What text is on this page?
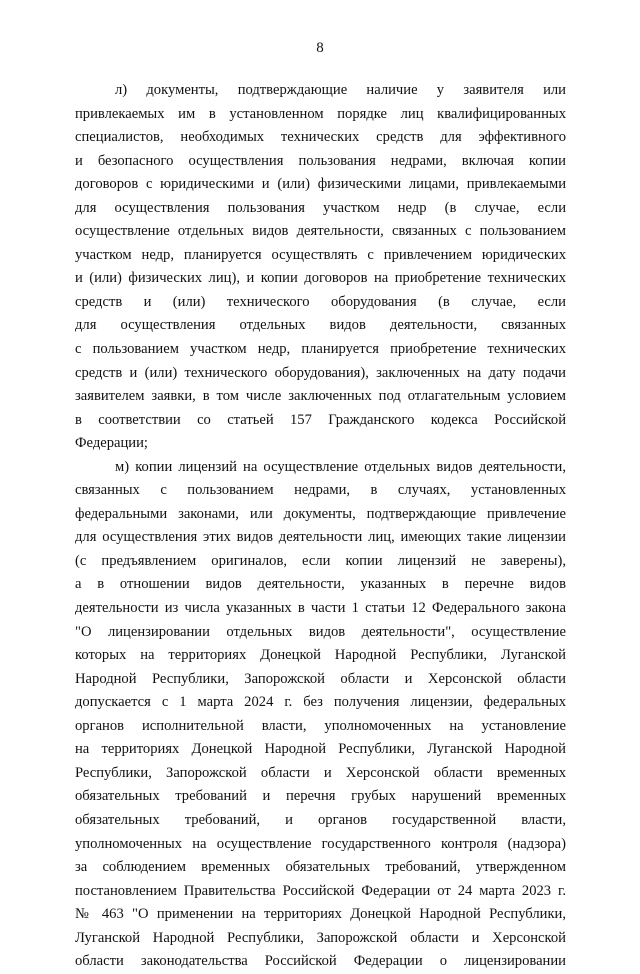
8
л) документы, подтверждающие наличие у заявителя или
привлекаемых им в установленном порядке лиц квалифицированных
специалистов, необходимых технических средств для эффективного
и безопасного осуществления пользования недрами, включая копии
договоров с юридическими и (или) физическими лицами, привлекаемыми
для осуществления пользования участком недр (в случае, если
осуществление отдельных видов деятельности, связанных с пользованием
участком недр, планируется осуществлять с привлечением юридических
и (или) физических лиц), и копии договоров на приобретение технических
средств и (или) технического оборудования (в случае, если
для осуществления отдельных видов деятельности, связанных
с пользованием участком недр, планируется приобретение технических
средств и (или) технического оборудования), заключенных на дату подачи
заявителем заявки, в том числе заключенных под отлагательным условием
в соответствии со статьей 157 Гражданского кодекса Российской
Федерации;
м) копии лицензий на осуществление отдельных видов деятельности,
связанных с пользованием недрами, в случаях, установленных
федеральными законами, или документы, подтверждающие привлечение
для осуществления этих видов деятельности лиц, имеющих такие лицензии
(с предъявлением оригиналов, если копии лицензий не заверены),
а в отношении видов деятельности, указанных в перечне видов
деятельности из числа указанных в части 1 статьи 12 Федерального закона
"О лицензировании отдельных видов деятельности", осуществление
которых на территориях Донецкой Народной Республики, Луганской
Народной Республики, Запорожской области и Херсонской области
допускается с 1 марта 2024 г. без получения лицензии, федеральных
органов исполнительной власти, уполномоченных на установление
на территориях Донецкой Народной Республики, Луганской Народной
Республики, Запорожской области и Херсонской области временных
обязательных требований и перечня грубых нарушений временных
обязательных требований, и органов государственной власти,
уполномоченных на осуществление государственного контроля (надзора)
за соблюдением временных обязательных требований, утвержденном
постановлением Правительства Российской Федерации от 24 марта 2023 г.
№ 463 "О применении на территориях Донецкой Народной Республики,
Луганской Народной Республики, Запорожской области и Херсонской
области законодательства Российской Федерации о лицензировании
